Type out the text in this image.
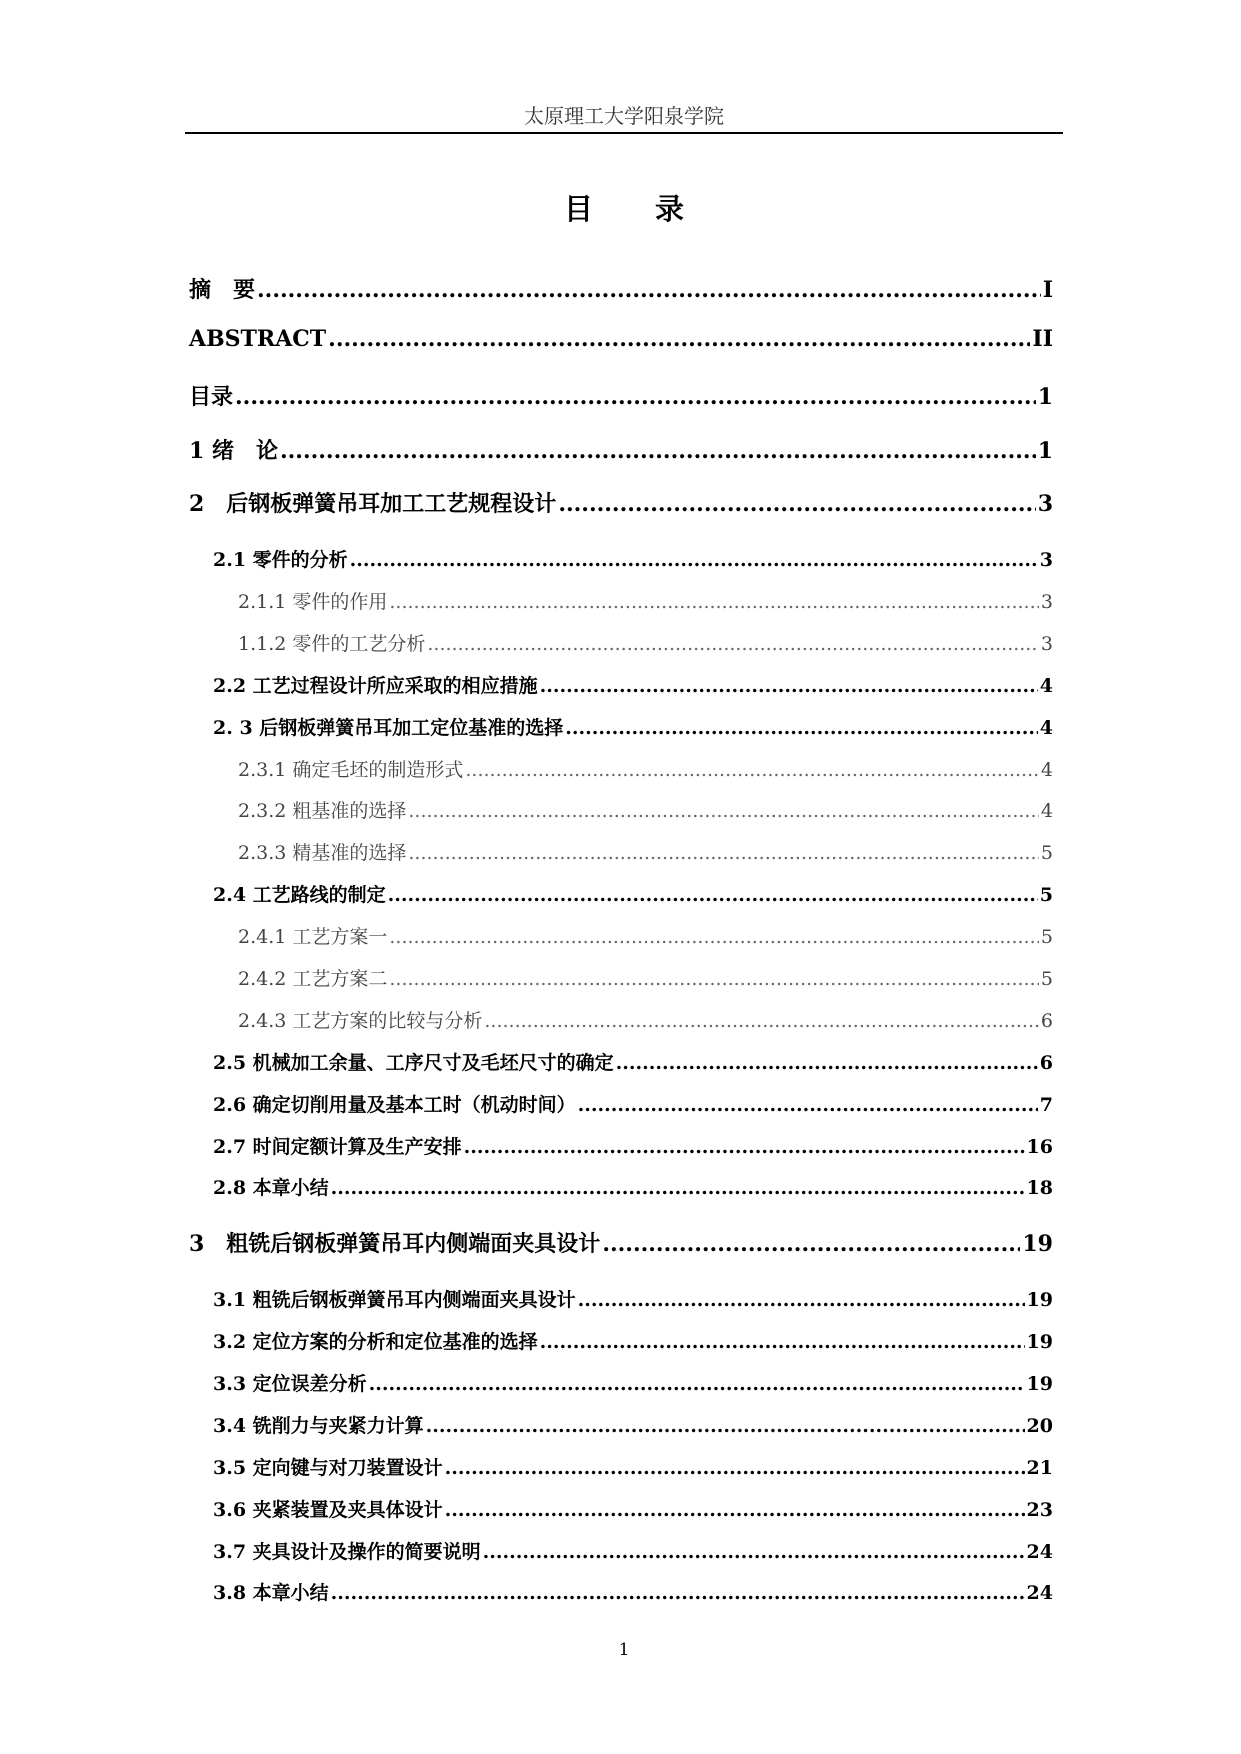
太原理工大学阳泉学院
目 录
摘　要 .....	Ⅰ
ABSTRACT .....	II
目录 .....	1
1 绪　论 .....	1
2　后钢板弹簧吊耳加工工艺规程设计 .....	3
2.1 零件的分析 .....	3
2.1.1 零件的作用 .....	3
1.1.2 零件的工艺分析 .....	3
2.2 工艺过程设计所应采取的相应措施 .....	4
2. 3 后钢板弹簧吊耳加工定位基准的选择 .....	4
2.3.1 确定毛坯的制造形式 .....	4
2.3.2 粗基准的选择 .....	4
2.3.3 精基准的选择 .....	5
2.4 工艺路线的制定 .....	5
2.4.1 工艺方案一 .....	5
2.4.2 工艺方案二 .....	5
2.4.3 工艺方案的比较与分析 .....	6
2.5 机械加工余量、工序尺寸及毛坯尺寸的确定 .....	6
2.6 确定切削用量及基本工时（机动时间） .....	7
2.7 时间定额计算及生产安排 .....	16
2.8 本章小结 .....	18
3　粗铣后钢板弹簧吊耳内侧端面夹具设计 .....	19
3.1 粗铣后钢板弹簧吊耳内侧端面夹具设计 .....	19
3.2 定位方案的分析和定位基准的选择 .....	19
3.3 定位误差分析 .....	19
3.4 铣削力与夹紧力计算 .....	20
3.5 定向键与对刀装置设计 .....	21
3.6 夹紧装置及夹具体设计 .....	23
3.7 夹具设计及操作的简要说明 .....	24
3.8 本章小结 .....	24
1
